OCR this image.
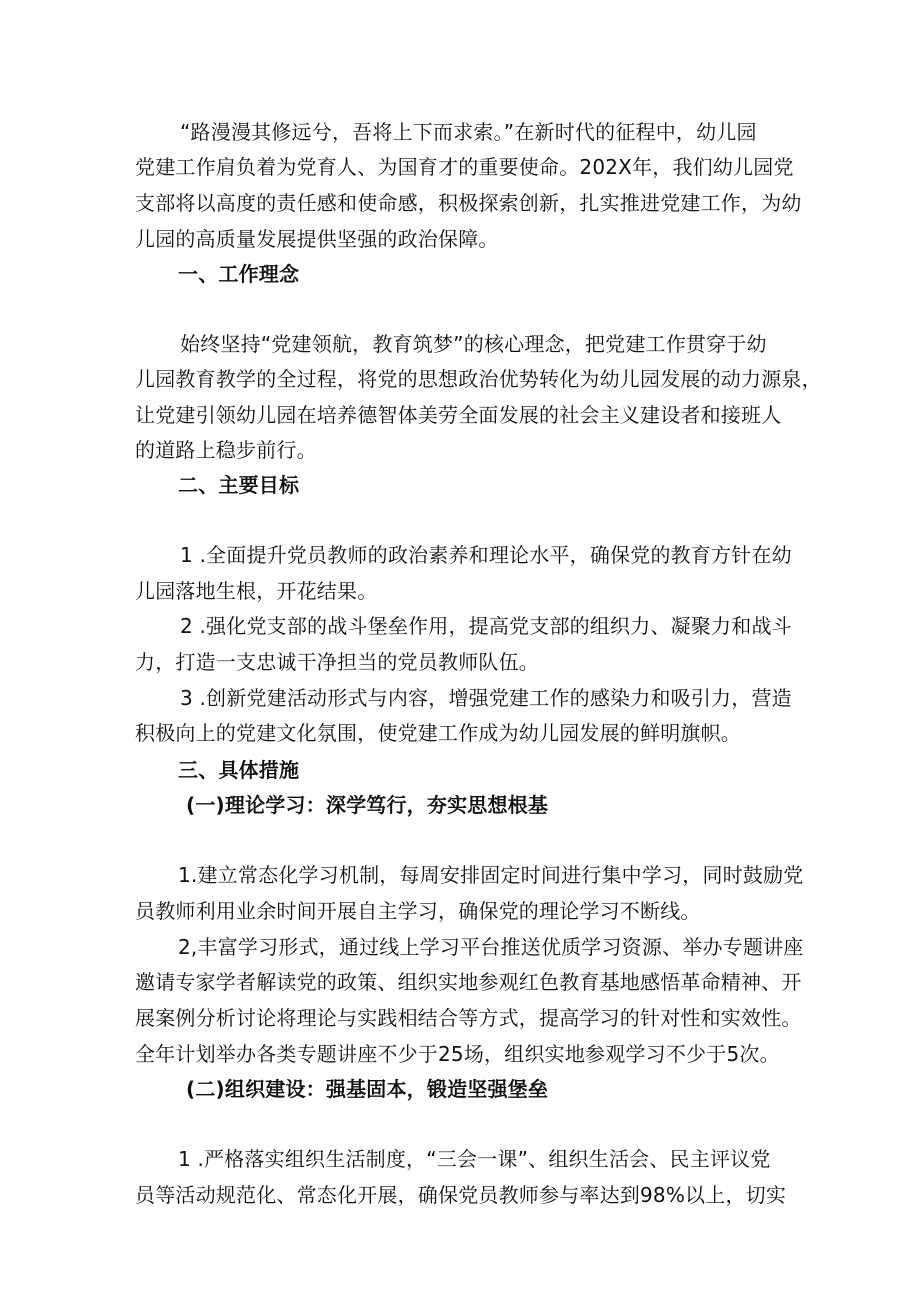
“路漫漫其修远兮，吾将上下而求索。”在新时代的征程中，幼儿园
党建工作肩负着为党育人、为国育才的重要使命。202X年，我们幼儿园党
支部将以高度的责任感和使命感，积极探索创新，扎实推进党建工作，为幼
儿园的高质量发展提供坚强的政治保障。
一、工作理念
始终坚持“党建领航，教育筑梦”的核心理念，把党建工作贯穿于幼
儿园教育教学的全过程，将党的思想政治优势转化为幼儿园发展的动力源泉，
让党建引领幼儿园在培养德智体美劳全面发展的社会主义建设者和接班人
的道路上稳步前行。
二、主要目标
1 .全面提升党员教师的政治素养和理论水平，确保党的教育方针在幼
儿园落地生根，开花结果。
2 .强化党支部的战斗堡垒作用，提高党支部的组织力、凝聚力和战斗
力，打造一支忠诚干净担当的党员教师队伍。
3 .创新党建活动形式与内容，增强党建工作的感染力和吸引力，营造
积极向上的党建文化氛围，使党建工作成为幼儿园发展的鲜明旗帜。
三、具体措施
(一)理论学习：深学笃行，夯实思想根基
1.建立常态化学习机制，每周安排固定时间进行集中学习，同时鼓励党
员教师利用业余时间开展自主学习，确保党的理论学习不断线。
2,丰富学习形式，通过线上学习平台推送优质学习资源、举办专题讲座
邀请专家学者解读党的政策、组织实地参观红色教育基地感悟革命精神、开
展案例分析讨论将理论与实践相结合等方式，提高学习的针对性和实效性。
全年计划举办各类专题讲座不少于25场，组织实地参观学习不少于5次。
(二)组织建设：强基固本，锻造坚强堡垒
1 .严格落实组织生活制度，“三会一课”、组织生活会、民主评议党
员等活动规范化、常态化开展，确保党员教师参与率达到98%以上，切实
